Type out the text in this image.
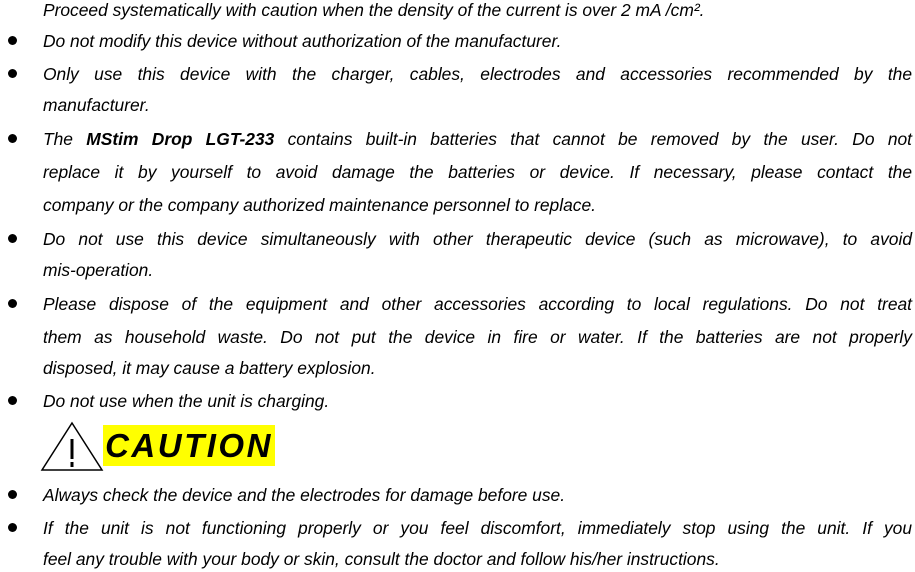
Proceed systematically with caution when the density of the current is over 2 mA /cm².
Do not modify this device without authorization of the manufacturer.
Only use this device with the charger, cables, electrodes and accessories recommended by the
manufacturer.
The MStim Drop LGT-233 contains built-in batteries that cannot be removed by the user. Do not
replace it by yourself to avoid damage the batteries or device. If necessary, please contact the
company or the company authorized maintenance personnel to replace.
Do not use this device simultaneously with other therapeutic device (such as microwave), to avoid
mis-operation.
Please dispose of the equipment and other accessories according to local regulations. Do not treat
them as household waste. Do not put the device in fire or water. If the batteries are not properly
disposed, it may cause a battery explosion.
Do not use when the unit is charging.
CAUTION
Always check the device and the electrodes for damage before use.
If the unit is not functioning properly or you feel discomfort, immediately stop using the unit. If you
feel any trouble with your body or skin, consult the doctor and follow his/her instructions.
